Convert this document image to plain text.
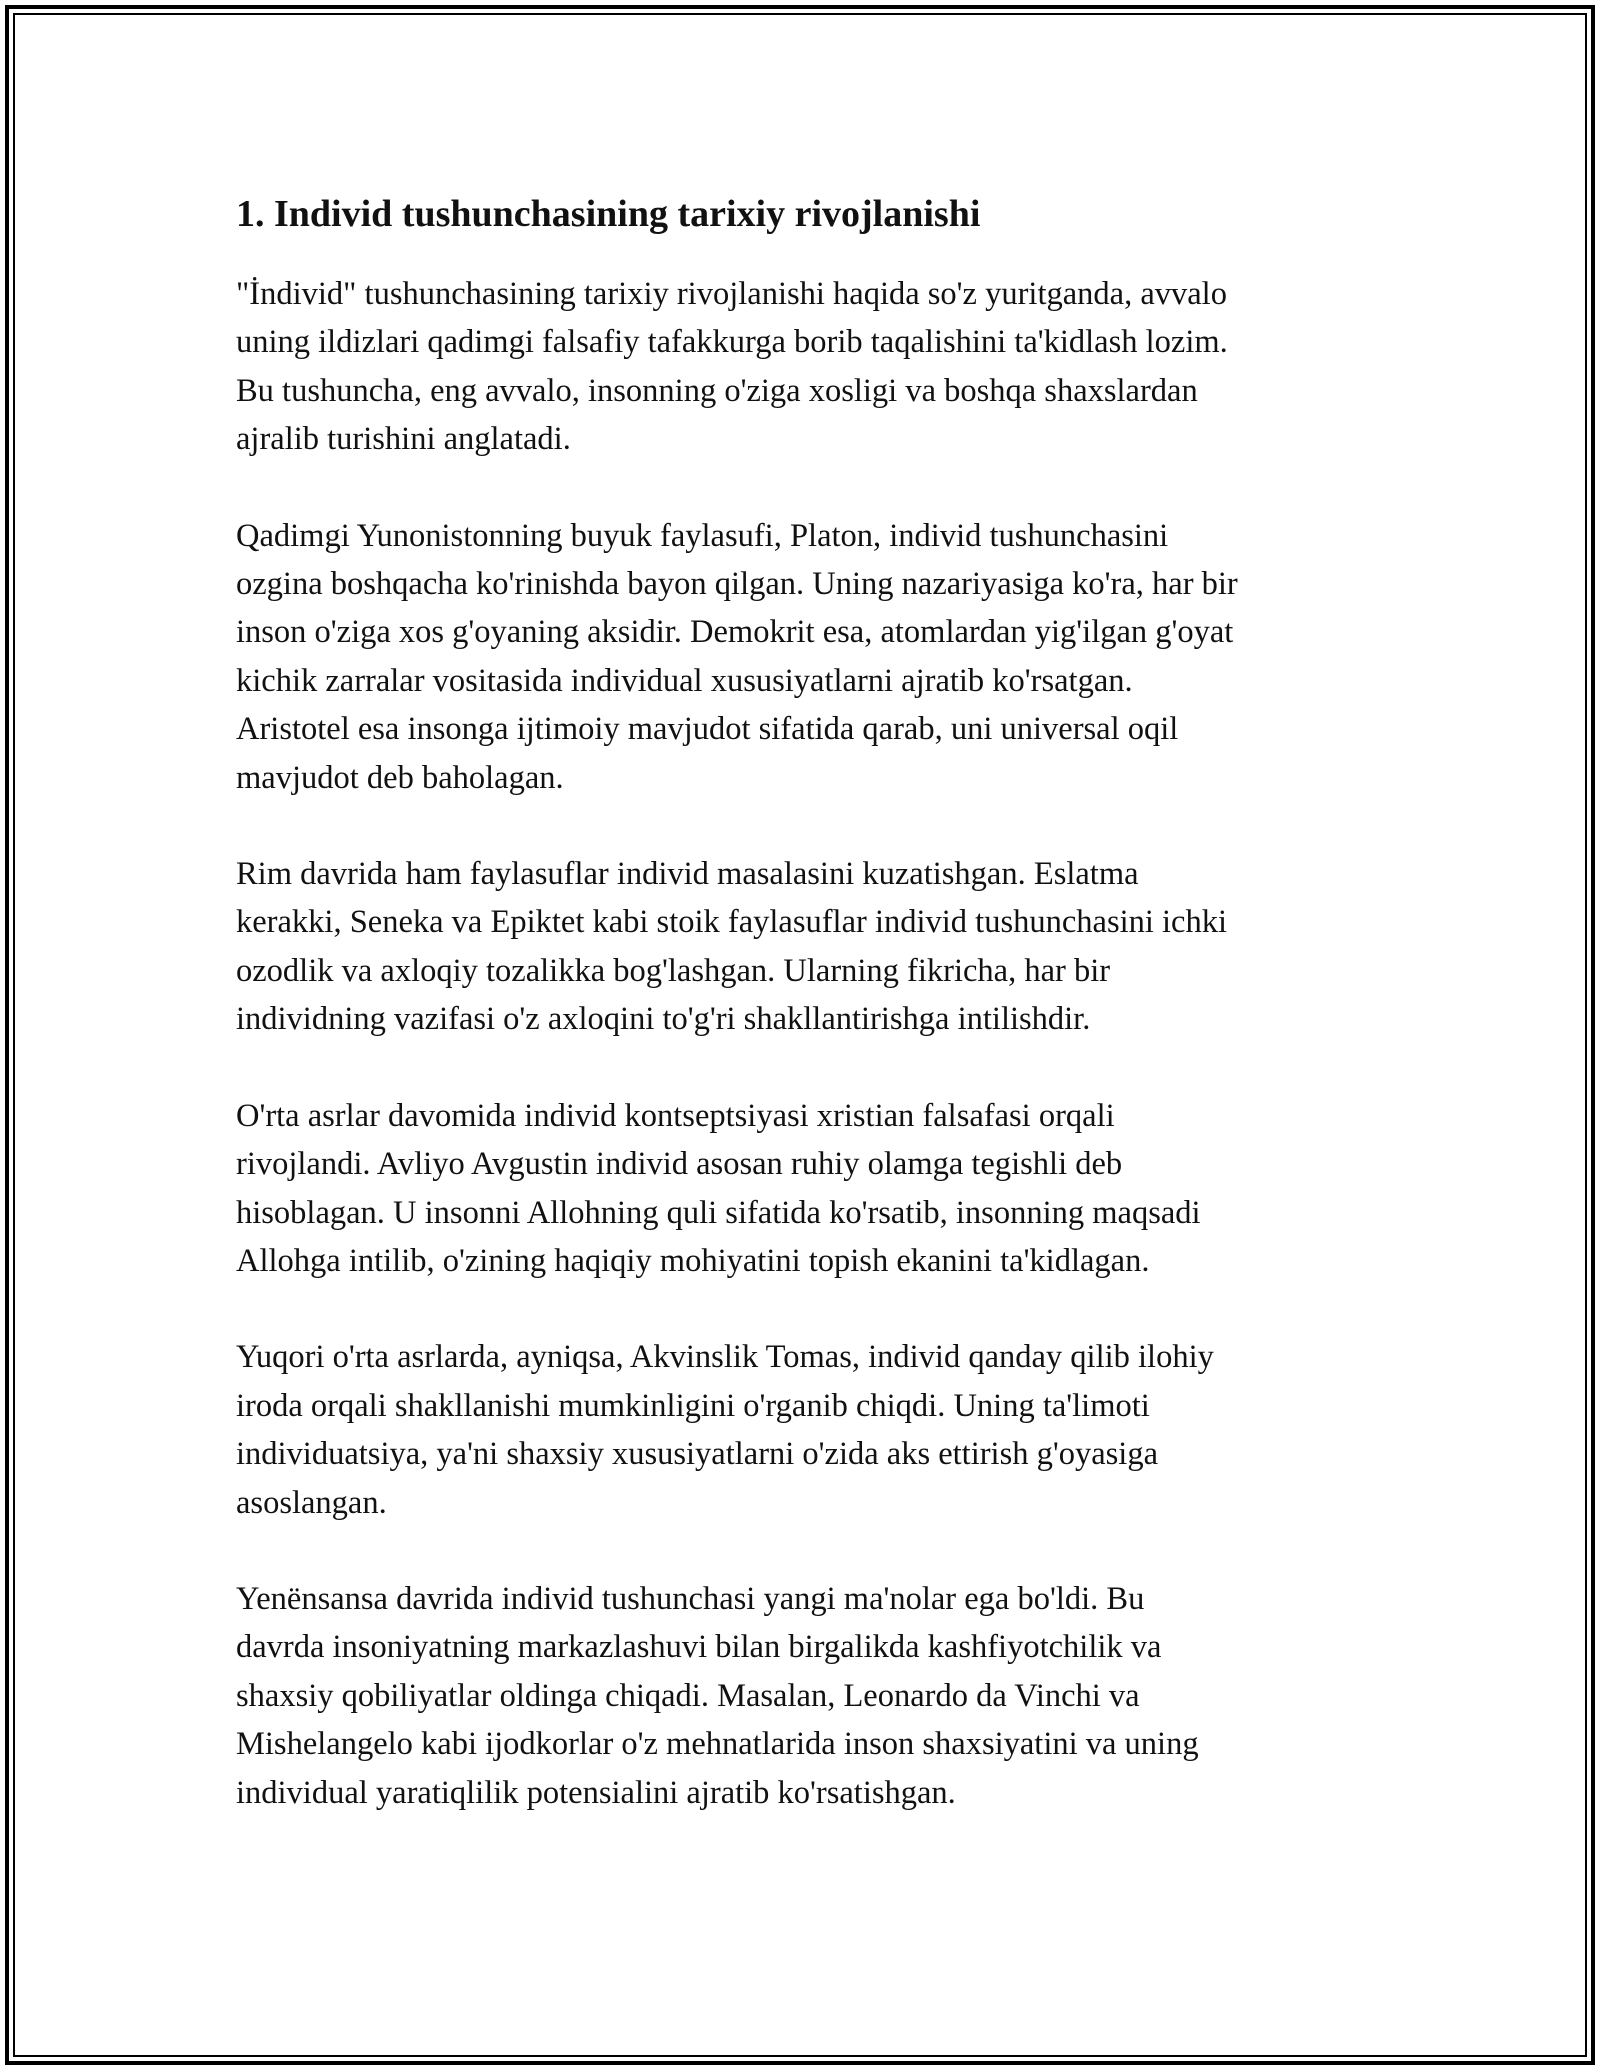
1. Individ tushunchasining tarixiy rivojlanishi
"İndivid" tushunchasining tarixiy rivojlanishi haqida so'z yuritganda, avvalo
uning ildizlari qadimgi falsafiy tafakkurga borib taqalishini ta'kidlash lozim.
Bu tushuncha, eng avvalo, insonning o'ziga xosligi va boshqa shaxslardan
ajralib turishini anglatadi.
Qadimgi Yunonistonning buyuk faylasufi, Platon, individ tushunchasini
ozgina boshqacha ko'rinishda bayon qilgan. Uning nazariyasiga ko'ra, har bir
inson o'ziga xos g'oyaning aksidir. Demokrit esa, atomlardan yig'ilgan g'oyat
kichik zarralar vositasida individual xususiyatlarni ajratib ko'rsatgan.
Aristotel esa insonga ijtimoiy mavjudot sifatida qarab, uni universal oqil
mavjudot deb baholagan.
Rim davrida ham faylasuflar individ masalasini kuzatishgan. Eslatma
kerakki, Seneka va Epiktet kabi stoik faylasuflar individ tushunchasini ichki
ozodlik va axloqiy tozalikka bog'lashgan. Ularning fikricha, har bir
individning vazifasi o'z axloqini to'g'ri shakllantirishga intilishdir.
O'rta asrlar davomida individ kontseptsiyasi xristian falsafasi orqali
rivojlandi. Avliyo Avgustin individ asosan ruhiy olamga tegishli deb
hisoblagan. U insonni Allohning quli sifatida ko'rsatib, insonning maqsadi
Allohga intilib, o'zining haqiqiy mohiyatini topish ekanini ta'kidlagan.
Yuqori o'rta asrlarda, ayniqsa, Akvinslik Tomas, individ qanday qilib ilohiy
iroda orqali shakllanishi mumkinligini o'rganib chiqdi. Uning ta'limoti
individuatsiya, ya'ni shaxsiy xususiyatlarni o'zida aks ettirish g'oyasiga
asoslangan.
Yenënsansa davrida individ tushunchasi yangi ma'nolar ega bo'ldi. Bu
davrda insoniyatning markazlashuvi bilan birgalikda kashfiyotchilik va
shaxsiy qobiliyatlar oldinga chiqadi. Masalan, Leonardo da Vinchi va
Mishelangelo kabi ijodkorlar o'z mehnatlarida inson shaxsiyatini va uning
individual yaratiqlilik potensialini ajratib ko'rsatishgan.
